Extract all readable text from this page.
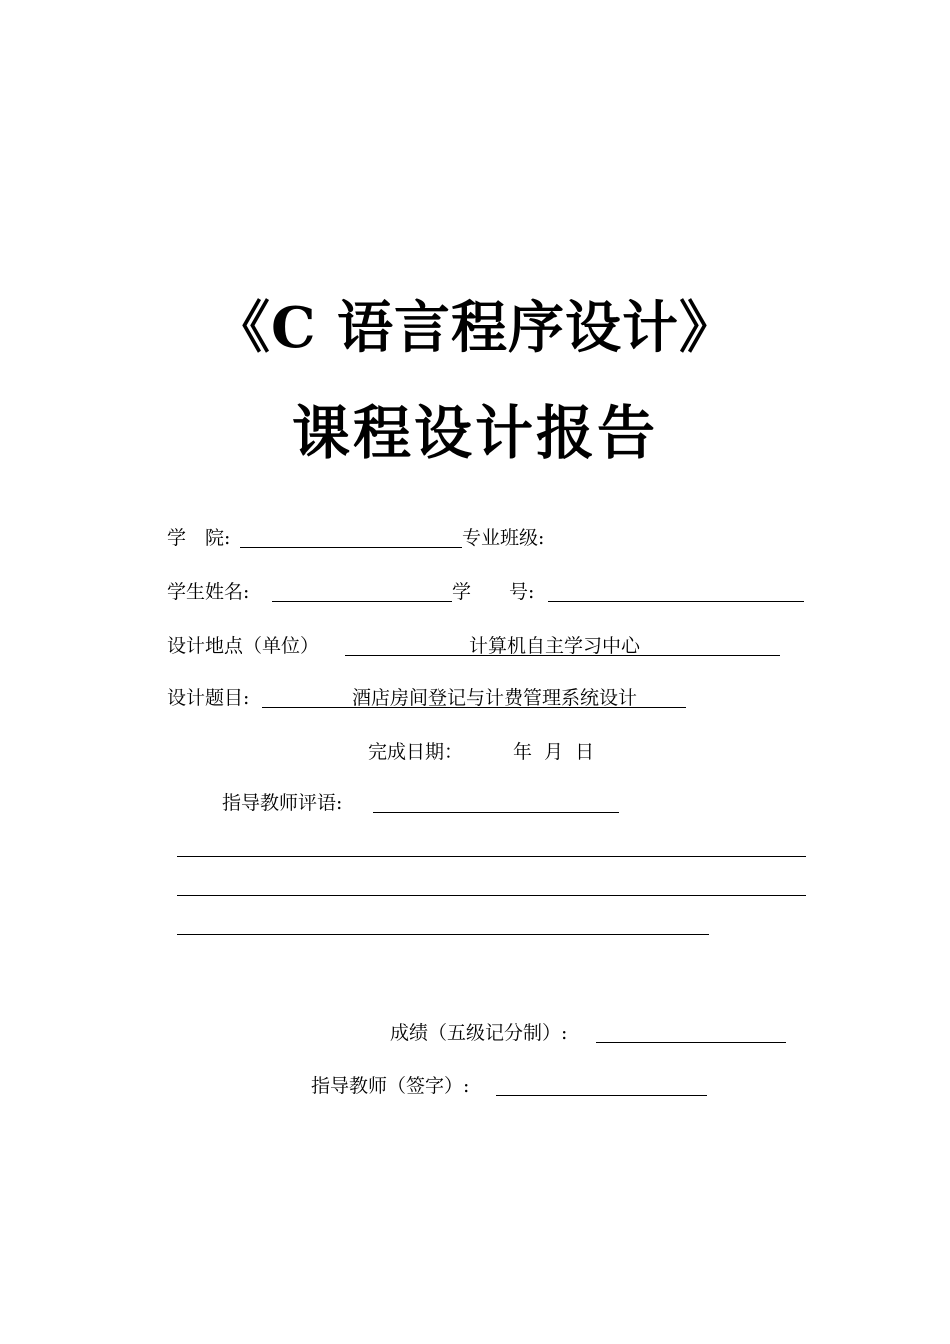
《C 语言程序设计》
课程设计报告
学　院:	专业班级:
学生姓名:	学　　号:
设计地点（单位）	计算机自主学习中心
设计题目:	酒店房间登记与计费管理系统设计
完成日期：	年  月  日
指导教师评语:
成绩（五级记分制）:
指导教师（签字）:
